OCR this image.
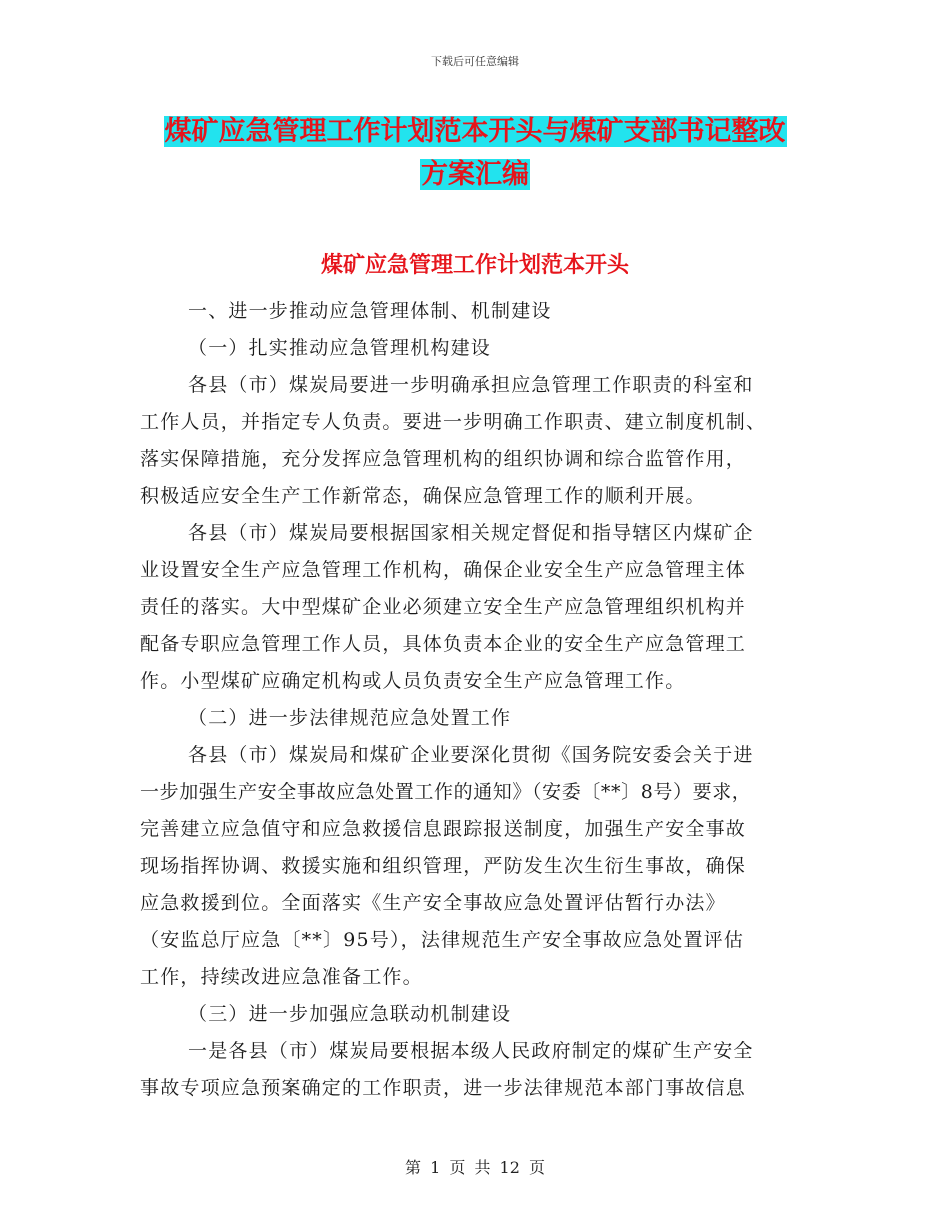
下载后可任意编辑
煤矿应急管理工作计划范本开头与煤矿支部书记整改
方案汇编
煤矿应急管理工作计划范本开头
一、进一步推动应急管理体制、机制建设
（一）扎实推动应急管理机构建设
各县（市）煤炭局要进一步明确承担应急管理工作职责的科室和
工作人员，并指定专人负责。要进一步明确工作职责、建立制度机制、
落实保障措施，充分发挥应急管理机构的组织协调和综合监管作用，
积极适应安全生产工作新常态，确保应急管理工作的顺利开展。
各县（市）煤炭局要根据国家相关规定督促和指导辖区内煤矿企
业设置安全生产应急管理工作机构，确保企业安全生产应急管理主体
责任的落实。大中型煤矿企业必须建立安全生产应急管理组织机构并
配备专职应急管理工作人员，具体负责本企业的安全生产应急管理工
作。小型煤矿应确定机构或人员负责安全生产应急管理工作。
（二）进一步法律规范应急处置工作
各县（市）煤炭局和煤矿企业要深化贯彻《国务院安委会关于进
一步加强生产安全事故应急处置工作的通知》（安委〔**〕8号）要求，
完善建立应急值守和应急救援信息跟踪报送制度，加强生产安全事故
现场指挥协调、救援实施和组织管理，严防发生次生衍生事故，确保
应急救援到位。全面落实《生产安全事故应急处置评估暂行办法》
（安监总厅应急〔**〕95号），法律规范生产安全事故应急处置评估
工作，持续改进应急准备工作。
（三）进一步加强应急联动机制建设
一是各县（市）煤炭局要根据本级人民政府制定的煤矿生产安全
事故专项应急预案确定的工作职责，进一步法律规范本部门事故信息
第 1 页 共 12 页
